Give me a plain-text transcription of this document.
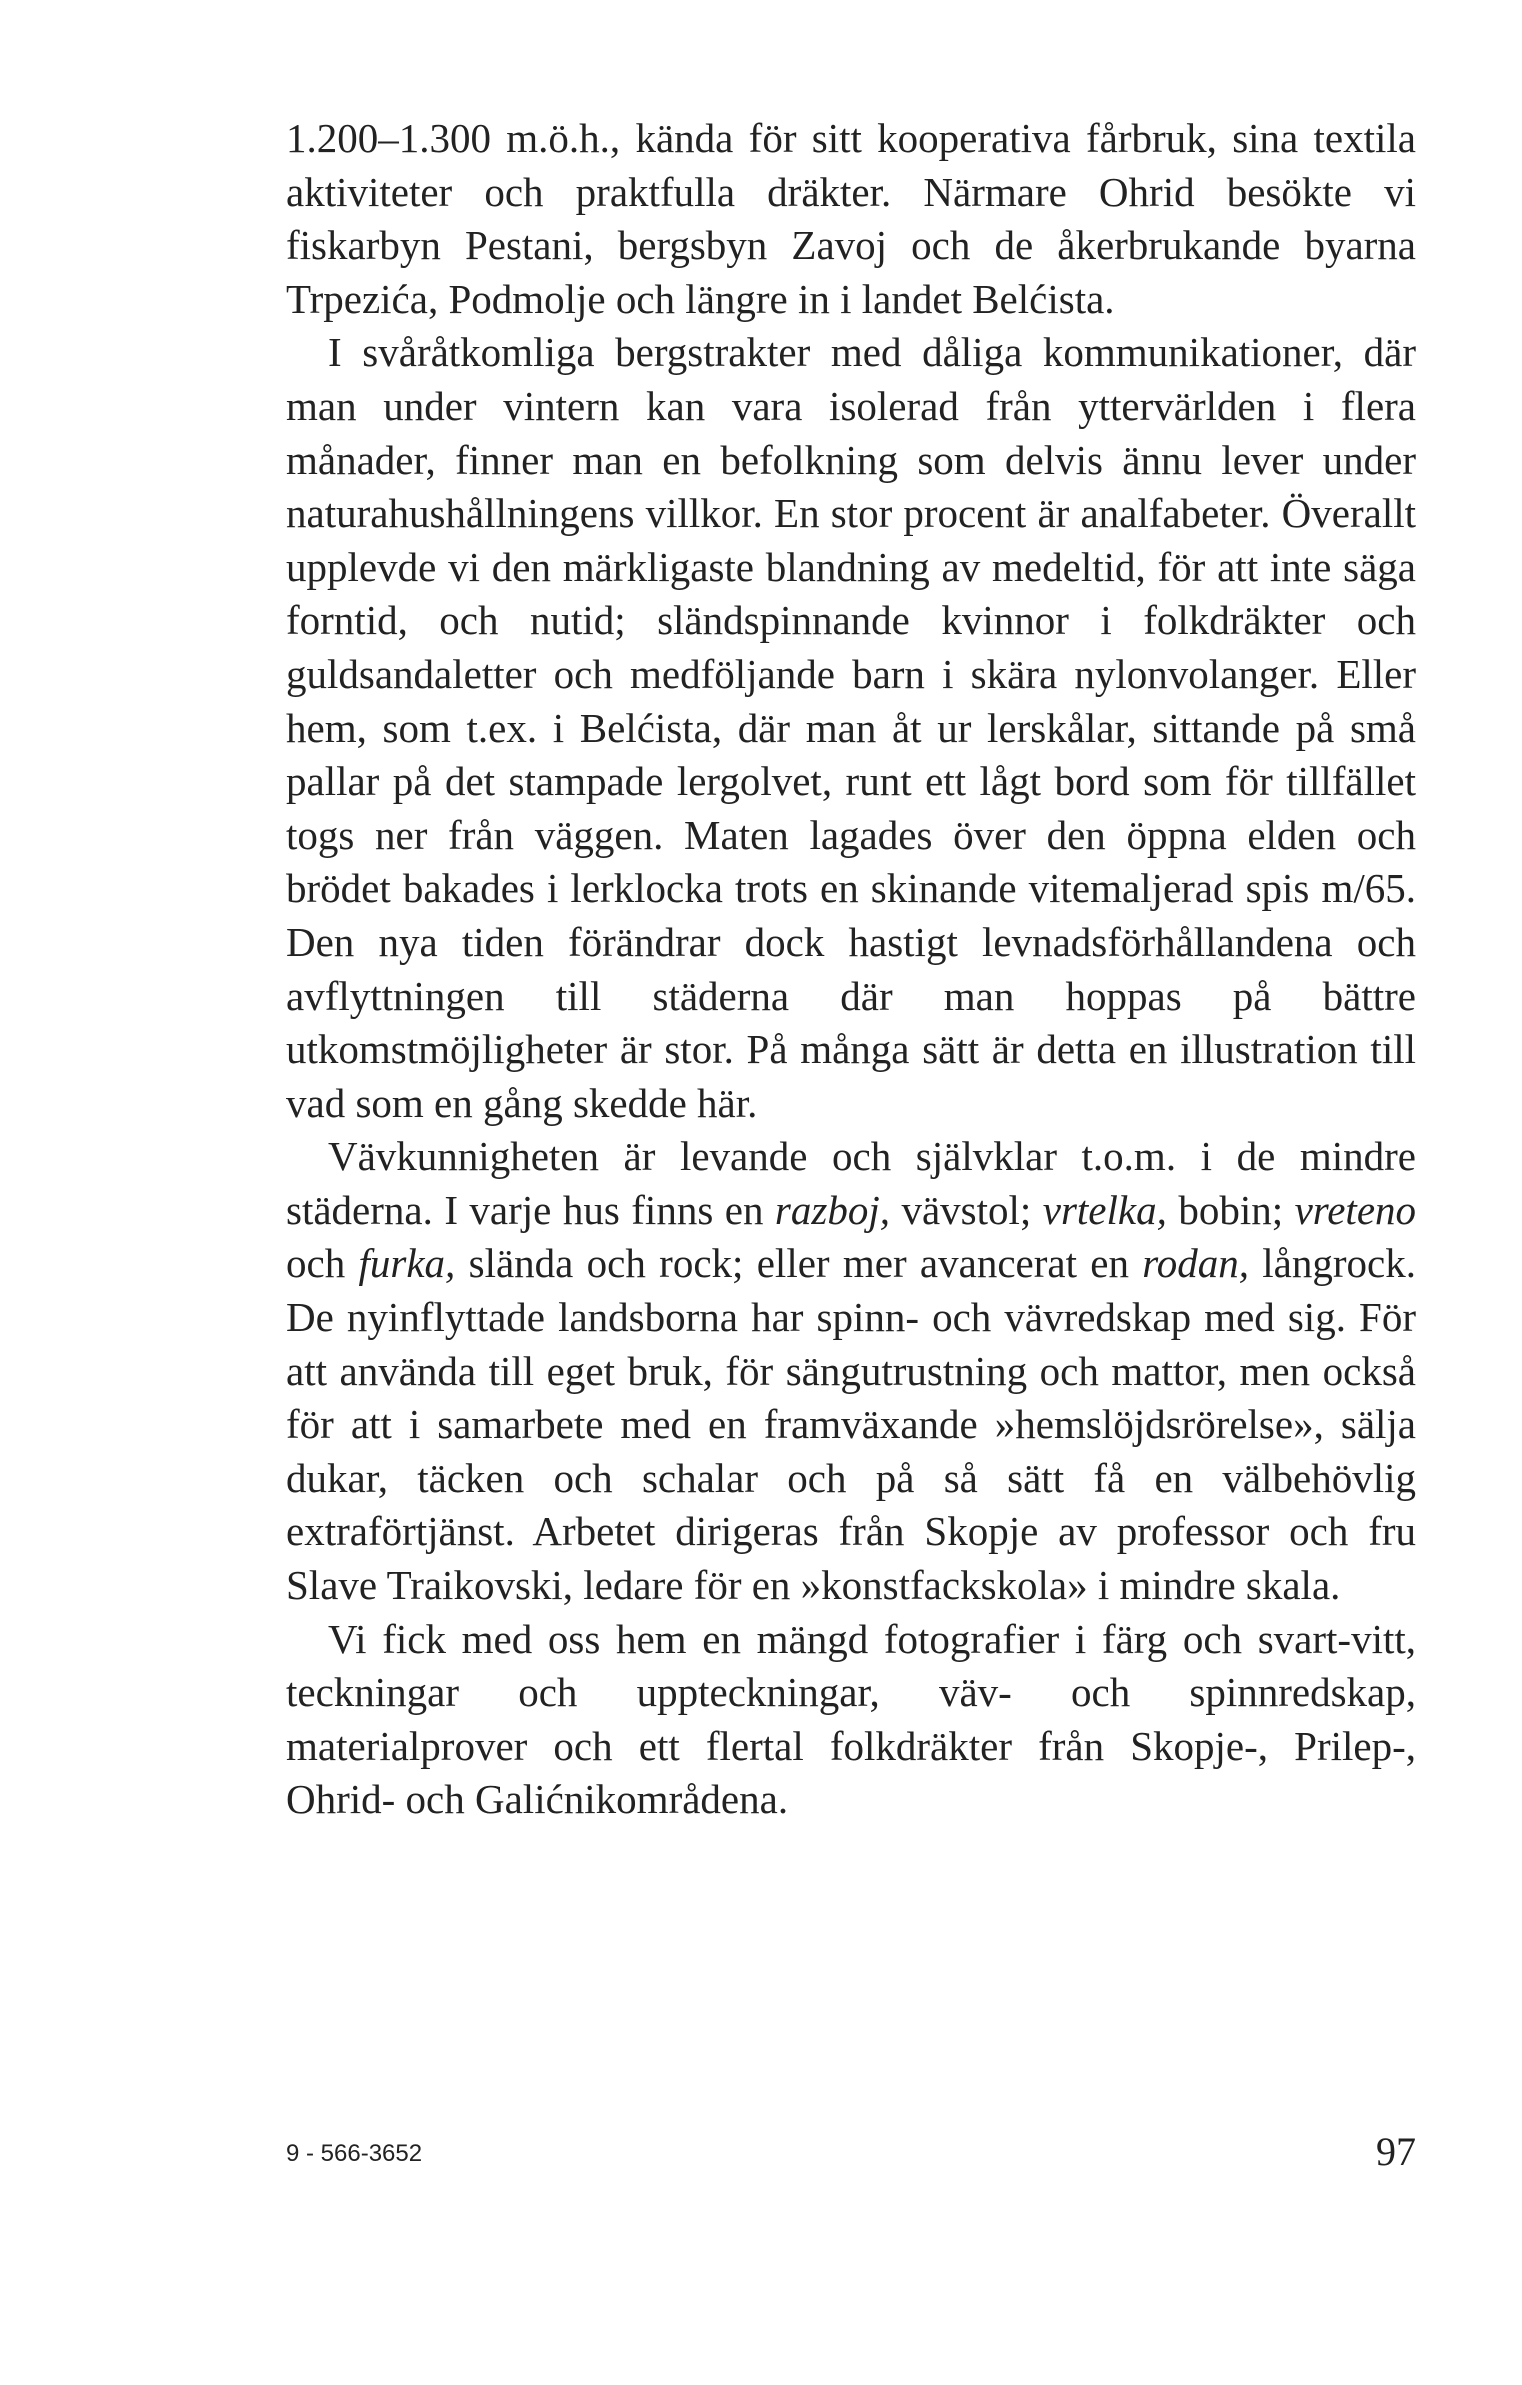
1.200–1.300 m.ö.h., kända för sitt kooperativa fårbruk, sina textila aktiviteter och praktfulla dräkter. Närmare Ohrid besökte vi fiskarbyn Pestani, bergsbyn Zavoj och de åkerbrukande byarna Trpezića, Podmolje och längre in i landet Belćista.

I svåråtkomliga bergstrakter med dåliga kommunikationer, där man under vintern kan vara isolerad från yttervärlden i flera månader, finner man en befolkning som delvis ännu lever under naturahushållningens villkor. En stor procent är analfabeter. Överallt upplevde vi den märkligaste blandning av medeltid, för att inte säga forntid, och nutid; sländspinnande kvinnor i folkdräkter och guldsandaletter och medföljande barn i skära nylonvolanger. Eller hem, som t.ex. i Belćista, där man åt ur lerskålar, sittande på små pallar på det stampade lergolvet, runt ett lågt bord som för tillfället togs ner från väggen. Maten lagades över den öppna elden och brödet bakades i lerklocka trots en skinande vitemaljerad spis m/65. Den nya tiden förändrar dock hastigt levnadsförhållandena och avflyttningen till städerna där man hoppas på bättre utkomstmöjligheter är stor. På många sätt är detta en illustration till vad som en gång skedde här.

Vävkunnigheten är levande och självklar t.o.m. i de mindre städerna. I varje hus finns en razboj, vävstol; vrtelka, bobin; vreteno och furka, slända och rock; eller mer avancerat en rodan, långrock. De nyinflyttade landsborna har spinn- och vävredskap med sig. För att använda till eget bruk, för sängutrustning och mattor, men också för att i samarbete med en framväxande »hemslöjdsrörelse», sälja dukar, täcken och schalar och på så sätt få en välbehövlig extraförtjänst. Arbetet dirigeras från Skopje av professor och fru Slave Traikovski, ledare för en »konstfackskola» i mindre skala.

Vi fick med oss hem en mängd fotografier i färg och svart-vitt, teckningar och uppteckningar, väv- och spinnredskap, materialprover och ett flertal folkdräkter från Skopje-, Prilep-, Ohrid- och Galićnikområdena.

9 - 566-3652	97
